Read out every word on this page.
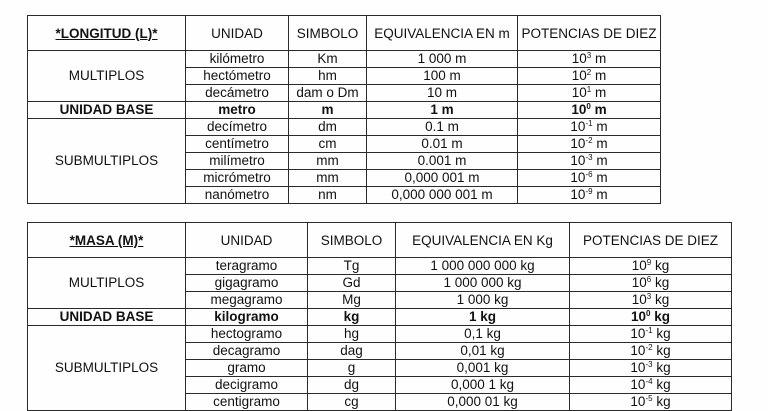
*LONGITUD (L)*	UNIDAD	SIMBOLO	EQUIVALENCIA EN m	POTENCIAS DE DIEZ
MULTIPLOS	kilómetro	Km	1 000 m	$10^3$ m
	hectómetro	hm	100 m	$10^2$ m
	decámetro	dam o Dm	10 m	$10^1$ m
UNIDAD BASE	metro	m	1 m	$10^0$ m
SUBMULTIPLOS	decímetro	dm	0.1 m	$10^{-1}$ m
	centímetro	cm	0.01 m	$10^{-2}$ m
	milímetro	mm	0.001 m	$10^{-3}$ m
	micrómetro	mm	0,000 001 m	$10^{-6}$ m
	nanómetro	nm	0,000 000 001 m	$10^{-9}$ m
*MASA (M)*	UNIDAD	SIMBOLO	EQUIVALENCIA EN Kg	POTENCIAS DE DIEZ
MULTIPLOS	teragramo	Tg	1 000 000 000 kg	$10^9$ kg
	gigagramo	Gd	1 000 000 kg	$10^6$ kg
	megagramo	Mg	1 000 kg	$10^3$ kg
UNIDAD BASE	kilogramo	kg	1 kg	$10^0$ kg
SUBMULTIPLOS	hectogramo	hg	0,1 kg	$10^{-1}$ kg
	decagramo	dag	0,01 kg	$10^{-2}$ kg
	gramo	g	0,001 kg	$10^{-3}$ kg
	decigramo	dg	0,000 1 kg	$10^{-4}$ kg
	centigramo	cg	0,000 01 kg	$10^{-5}$ kg
